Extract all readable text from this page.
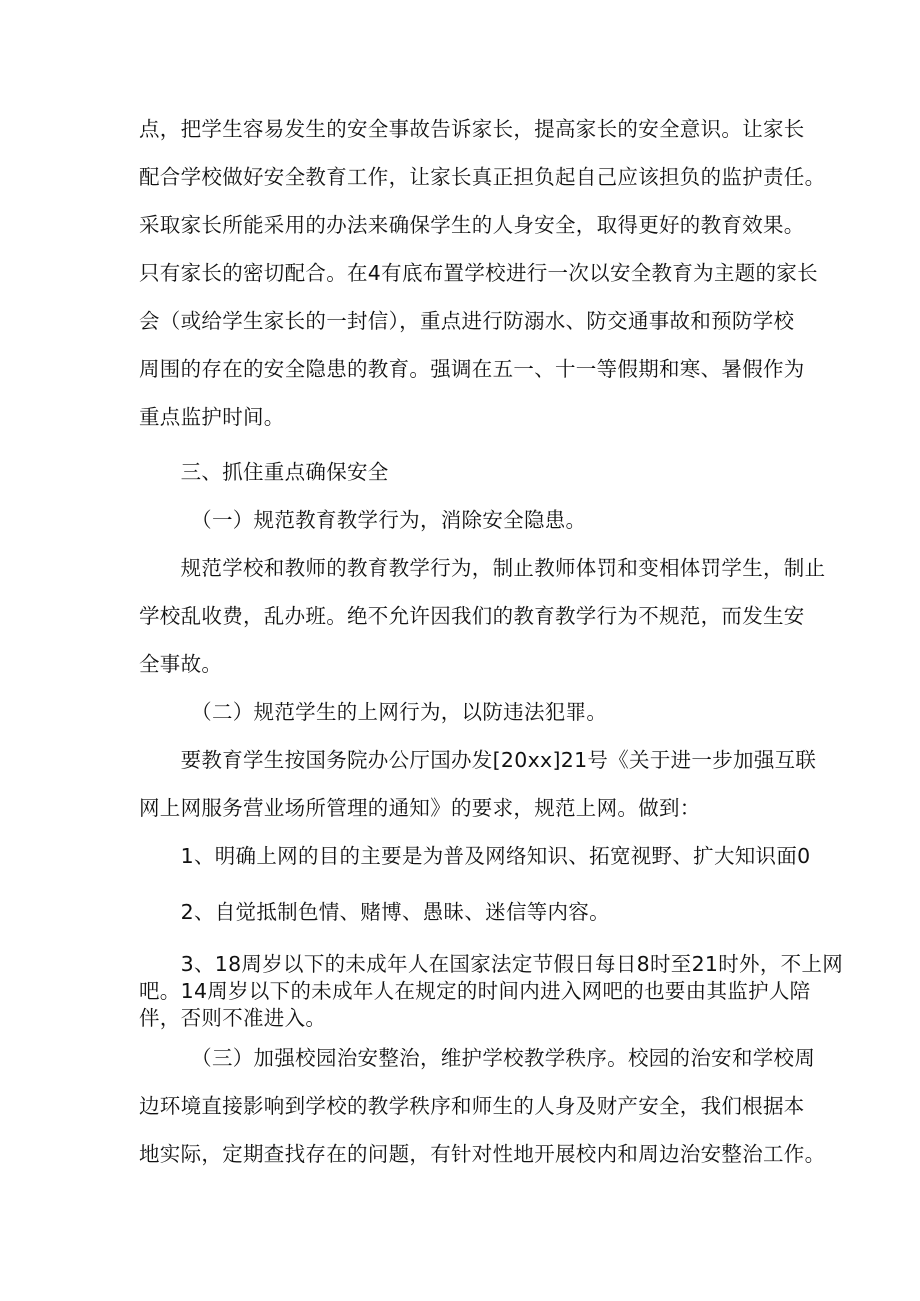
点，把学生容易发生的安全事故告诉家长，提高家长的安全意识。让家长
配合学校做好安全教育工作，让家长真正担负起自己应该担负的监护责任。
采取家长所能采用的办法来确保学生的人身安全，取得更好的教育效果。
只有家长的密切配合。在4有底布置学校进行一次以安全教育为主题的家长
会（或给学生家长的一封信），重点进行防溺水、防交通事故和预防学校
周围的存在的安全隐患的教育。强调在五一、十一等假期和寒、暑假作为
重点监护时间。
　　三、抓住重点确保安全
　　　（一）规范教育教学行为，消除安全隐患。
　　规范学校和教师的教育教学行为，制止教师体罚和变相体罚学生，制止
学校乱收费，乱办班。绝不允许因我们的教育教学行为不规范，而发生安
全事故。
　　　（二）规范学生的上网行为，以防违法犯罪。
　　要教育学生按国务院办公厅国办发[20xx]21号《关于进一步加强互联
网上网服务营业场所管理的通知》的要求，规范上网。做到：
　　1、明确上网的目的主要是为普及网络知识、拓宽视野、扩大知识面0
　　2、自觉抵制色情、赌博、愚昧、迷信等内容。
　　3、18周岁以下的未成年人在国家法定节假日每日8时至21时外，不上网
吧。14周岁以下的未成年人在规定的时间内进入网吧的也要由其监护人陪
伴，否则不准进入。
　　　（三）加强校园治安整治，维护学校教学秩序。校园的治安和学校周
边环境直接影响到学校的教学秩序和师生的人身及财产安全，我们根据本
地实际，定期查找存在的问题，有针对性地开展校内和周边治安整治工作。
